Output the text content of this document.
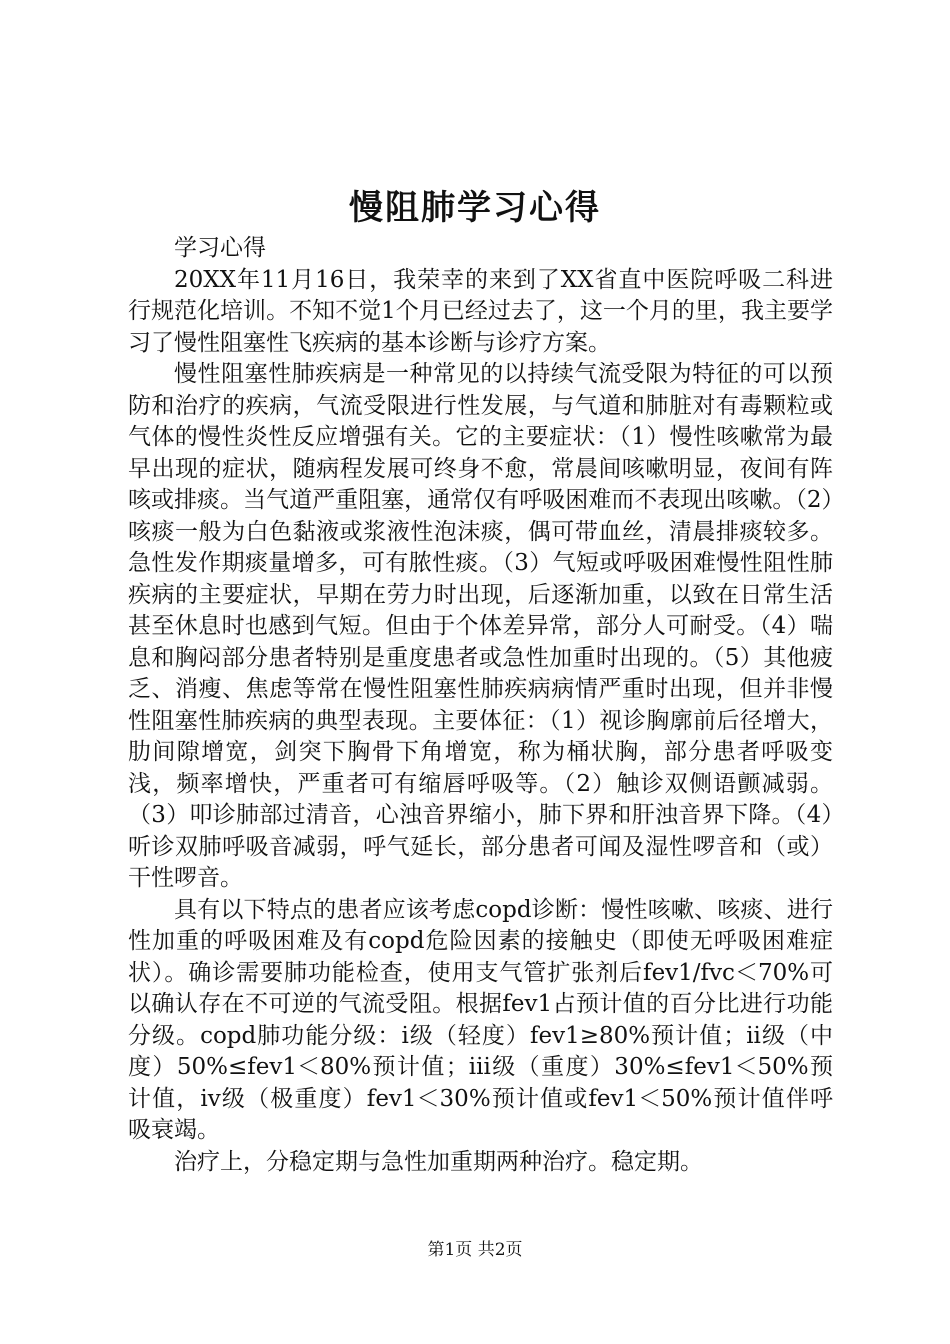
慢阻肺学习心得

学习心得

20XX年11月16日，我荣幸的来到了XX省直中医院呼吸二科进行规范化培训。不知不觉1个月已经过去了，这一个月的里，我主要学习了慢性阻塞性飞疾病的基本诊断与诊疗方案。

慢性阻塞性肺疾病是一种常见的以持续气流受限为特征的可以预防和治疗的疾病，气流受限进行性发展，与气道和肺脏对有毒颗粒或气体的慢性炎性反应增强有关。它的主要症状：（1）慢性咳嗽常为最早出现的症状，随病程发展可终身不愈，常晨间咳嗽明显，夜间有阵咳或排痰。当气道严重阻塞，通常仅有呼吸困难而不表现出咳嗽。（2）咳痰一般为白色黏液或浆液性泡沫痰，偶可带血丝，清晨排痰较多。急性发作期痰量增多，可有脓性痰。（3）气短或呼吸困难慢性阻性肺疾病的主要症状，早期在劳力时出现，后逐渐加重，以致在日常生活甚至休息时也感到气短。但由于个体差异常，部分人可耐受。（4）喘息和胸闷部分患者特别是重度患者或急性加重时出现的。（5）其他疲乏、消瘦、焦虑等常在慢性阻塞性肺疾病病情严重时出现，但并非慢性阻塞性肺疾病的典型表现。主要体征：（1）视诊胸廓前后径增大，肋间隙增宽，剑突下胸骨下角增宽，称为桶状胸，部分患者呼吸变浅，频率增快，严重者可有缩唇呼吸等。（2）触诊双侧语颤减弱。（3）叩诊肺部过清音，心浊音界缩小，肺下界和肝浊音界下降。（4）听诊双肺呼吸音减弱，呼气延长，部分患者可闻及湿性啰音和（或）干性啰音。

具有以下特点的患者应该考虑copd诊断：慢性咳嗽、咳痰、进行性加重的呼吸困难及有copd危险因素的接触史（即使无呼吸困难症状）。确诊需要肺功能检查，使用支气管扩张剂后fev1/fvc＜70%可以确认存在不可逆的气流受阻。根据fev1占预计值的百分比进行功能分级。copd肺功能分级：i级（轻度）fev1≥80%预计值；ii级（中度）50%≤fev1＜80%预计值；iii级（重度）30%≤fev1＜50%预计值，iv级（极重度）fev1＜30%预计值或fev1＜50%预计值伴呼吸衰竭。

治疗上，分稳定期与急性加重期两种治疗。稳定期。

第1页 共2页
